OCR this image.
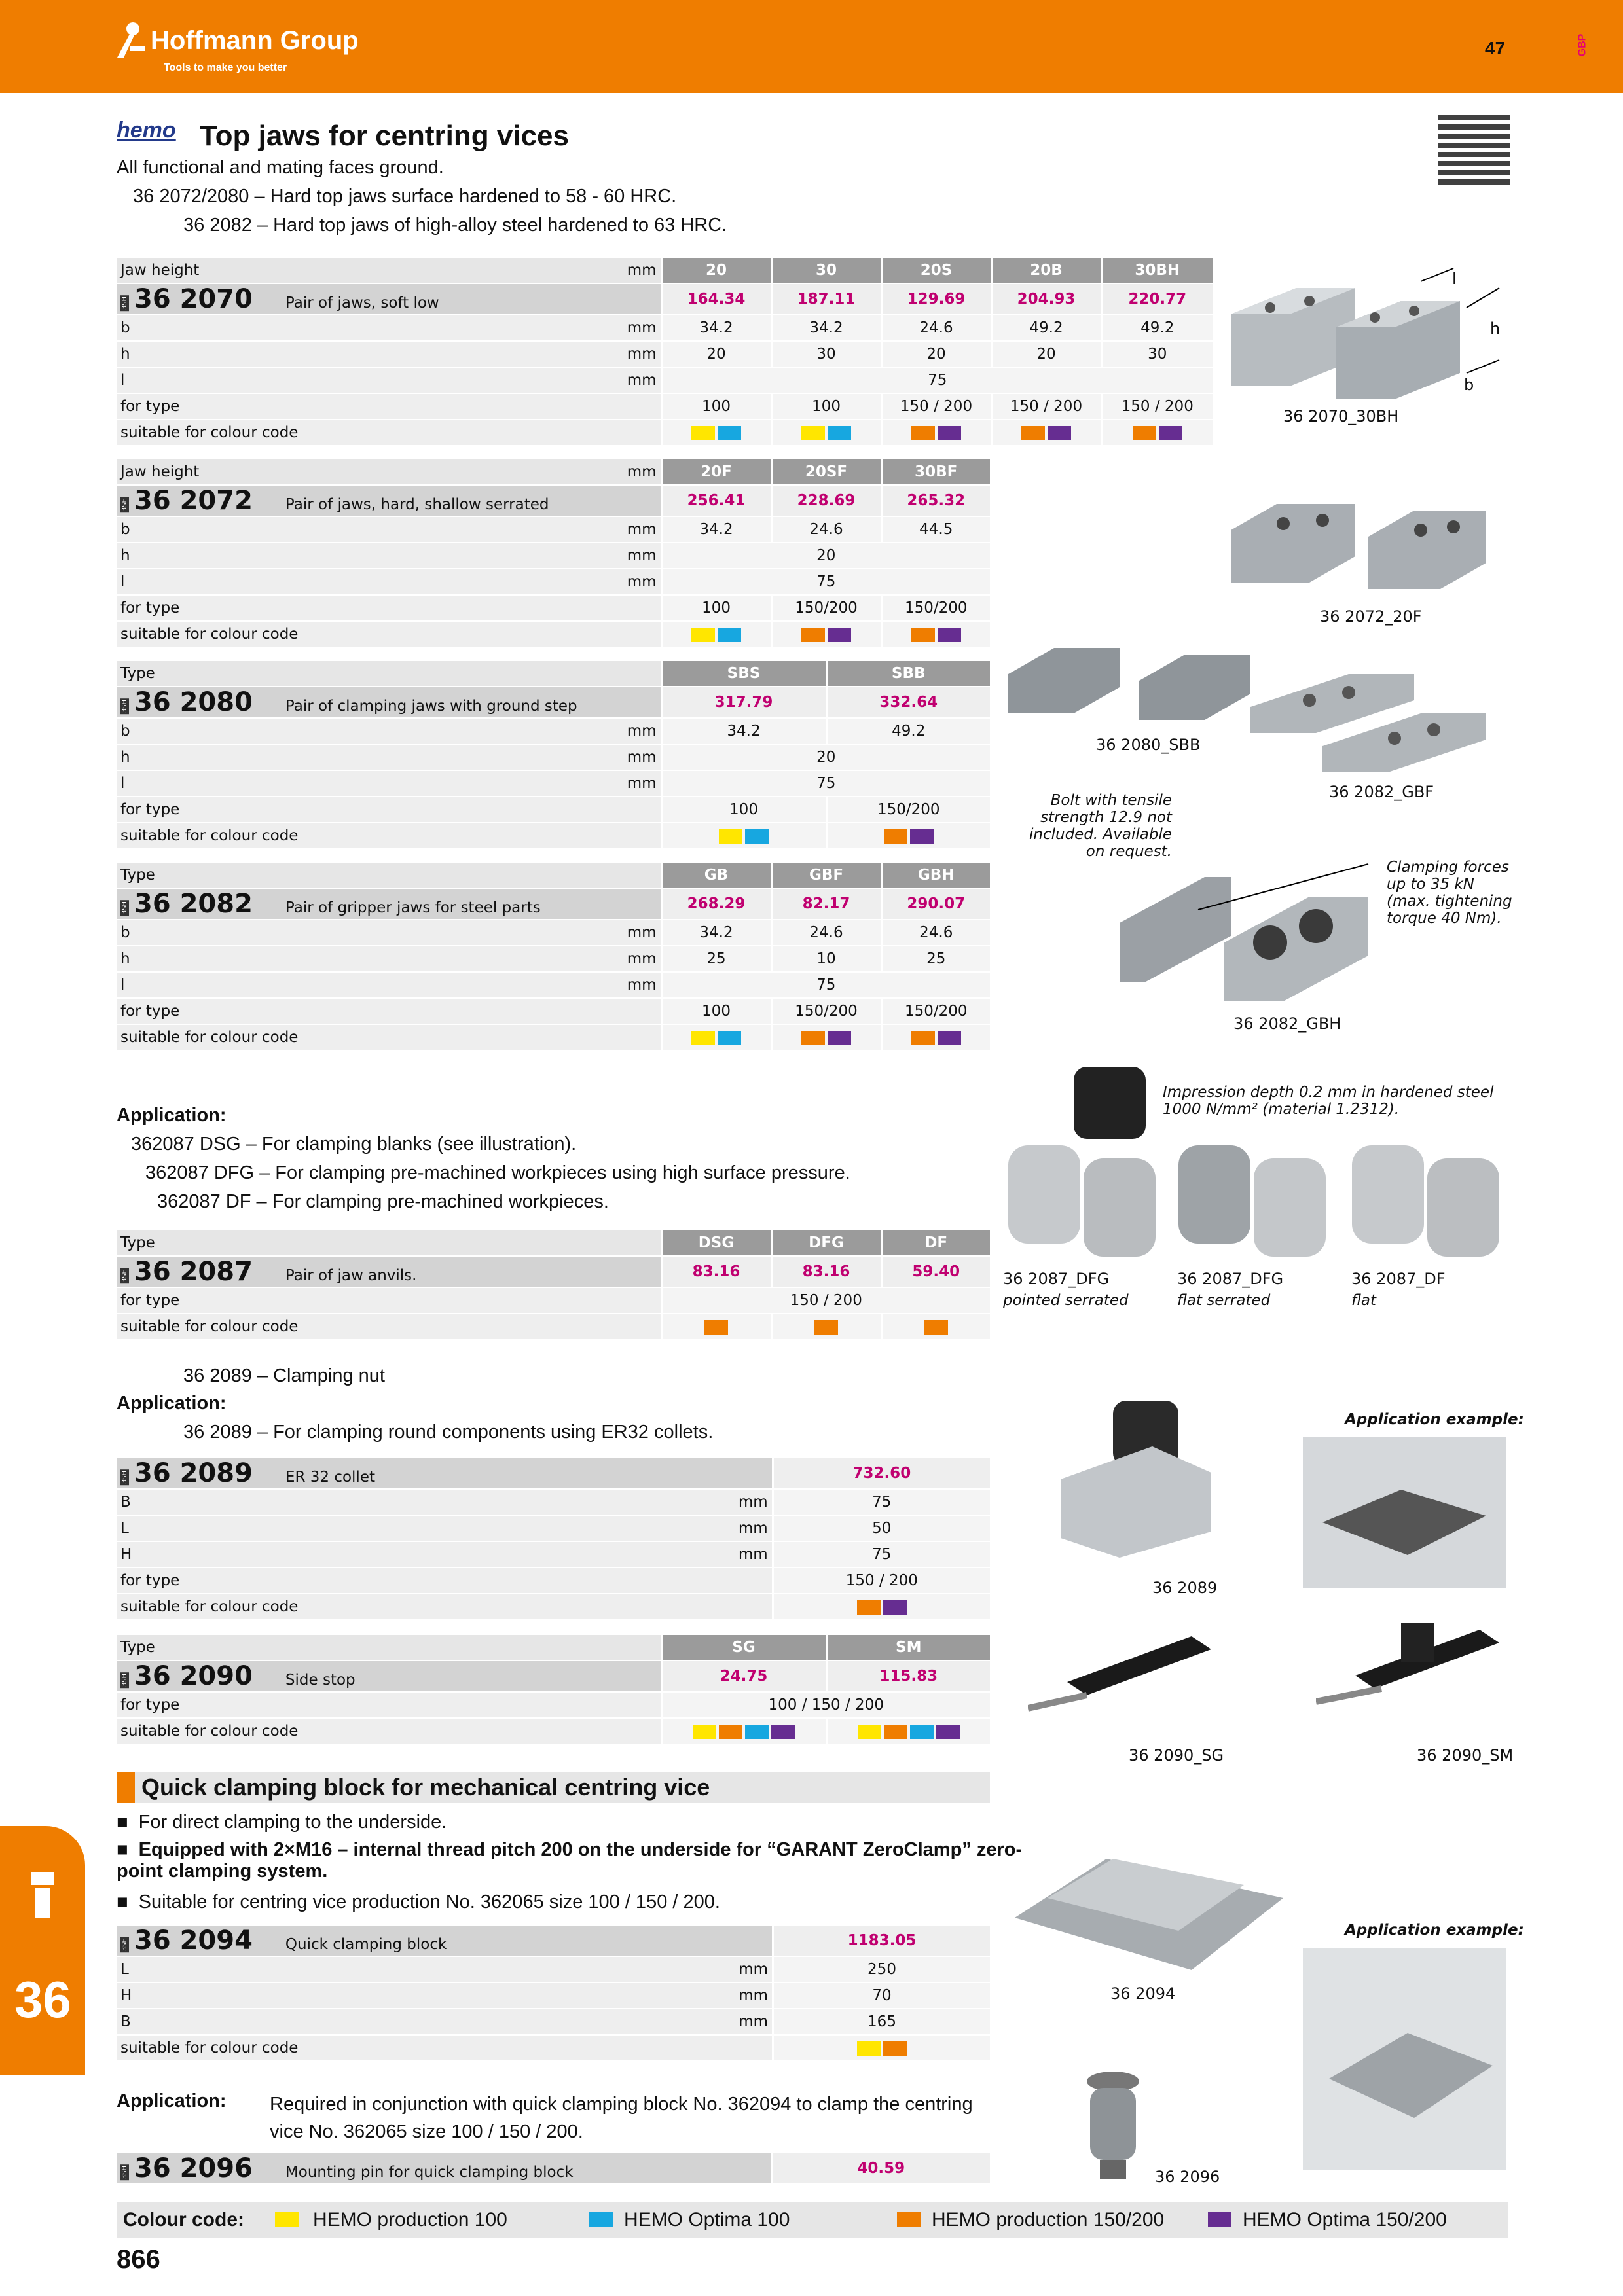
Hoffmann Group
Tools to make you better
47	GBP
hemo Top jaws for centring vices
All functional and mating faces ground.
36 2072/2080 – Hard top jaws surface hardened to 58 - 60 HRC.
36 2082 – Hard top jaws of high-alloy steel hardened to 63 HRC.
Jaw height	mm	20	30	20S	20B	30BH
3SH 36 2070 Pair of jaws, soft low		164.34	187.11	129.69	204.93	220.77
b	mm	34.2	34.2	24.6	49.2	49.2
h	mm	20	30	20	20	30
l	mm	75				
for type		100	100	150 / 200	150 / 200	150 / 200
suitable for colour code						
Jaw height	mm	20F	20SF	30BF
3SH 36 2072 Pair of jaws, hard, shallow serrated		256.41	228.69	265.32
b	mm	34.2	24.6	44.5
h	mm	20		
l	mm	75		
for type		100	150/200	150/200
suitable for colour code				
Type		SBS	SBB
3SH 36 2080 Pair of clamping jaws with ground step		317.79	332.64
b	mm	34.2	49.2
h	mm	20	
l	mm	75	
for type		100	150/200
suitable for colour code			
Type		GB	GBF	GBH
3SH 36 2082 Pair of gripper jaws for steel parts		268.29	82.17	290.07
b	mm	34.2	24.6	24.6
h	mm	25	10	25
l	mm	75		
for type		100	150/200	150/200
suitable for colour code				
Application:
362087 DSG – For clamping blanks (see illustration).
362087 DFG – For clamping pre-machined workpieces using high surface pressure.
362087 DF – For clamping pre-machined workpieces.
Type		DSG	DFG	DF
3SH 36 2087 Pair of jaw anvils.		83.16	83.16	59.40
for type		150 / 200		
suitable for colour code				
36 2089 – Clamping nut
Application:
36 2089 – For clamping round components using ER32 collets.
3SH 36 2089 ER 32 collet		732.60
B	mm	75
L	mm	50
H	mm	75
for type		150 / 200
suitable for colour code		
Type		SG	SM
3SH 36 2090 Side stop		24.75	115.83
for type		100 / 150 / 200	
suitable for colour code			
Quick clamping block for mechanical centring vice
■  For direct clamping to the underside.
■  Equipped with 2×M16 – internal thread pitch 200 on the underside for “GARANT ZeroClamp” zero-point clamping system.
■  Suitable for centring vice production No. 362065 size 100 / 150 / 200.
3SH 36 2094 Quick clamping block		1183.05
L	mm	250
H	mm	70
B	mm	165
suitable for colour code		
Application: Required in conjunction with quick clamping block No. 362094 to clamp the centring vice No. 362065 size 100 / 150 / 200.
3SH 36 2096 Mounting pin for quick clamping block	40.59
Colour code:	HEMO production 100	HEMO Optima 100	HEMO production 150/200	HEMO Optima 150/200
36
866
l
h
b
36 2070_30BH
36 2072_20F
36 2080_SBB
36 2082_GBF
Bolt with tensile strength 12.9 not included. Available on request.
Clamping forces up to 35 kN (max. tightening torque 40 Nm).
36 2082_GBH
Impression depth 0.2 mm in hardened steel 1000 N/mm² (material 1.2312).
36 2087_DFG
pointed serrated
36 2087_DFG
flat serrated
36 2087_DF
flat
36 2089
Application example:
36 2090_SG	36 2090_SM
36 2094
Application example:
36 2096
